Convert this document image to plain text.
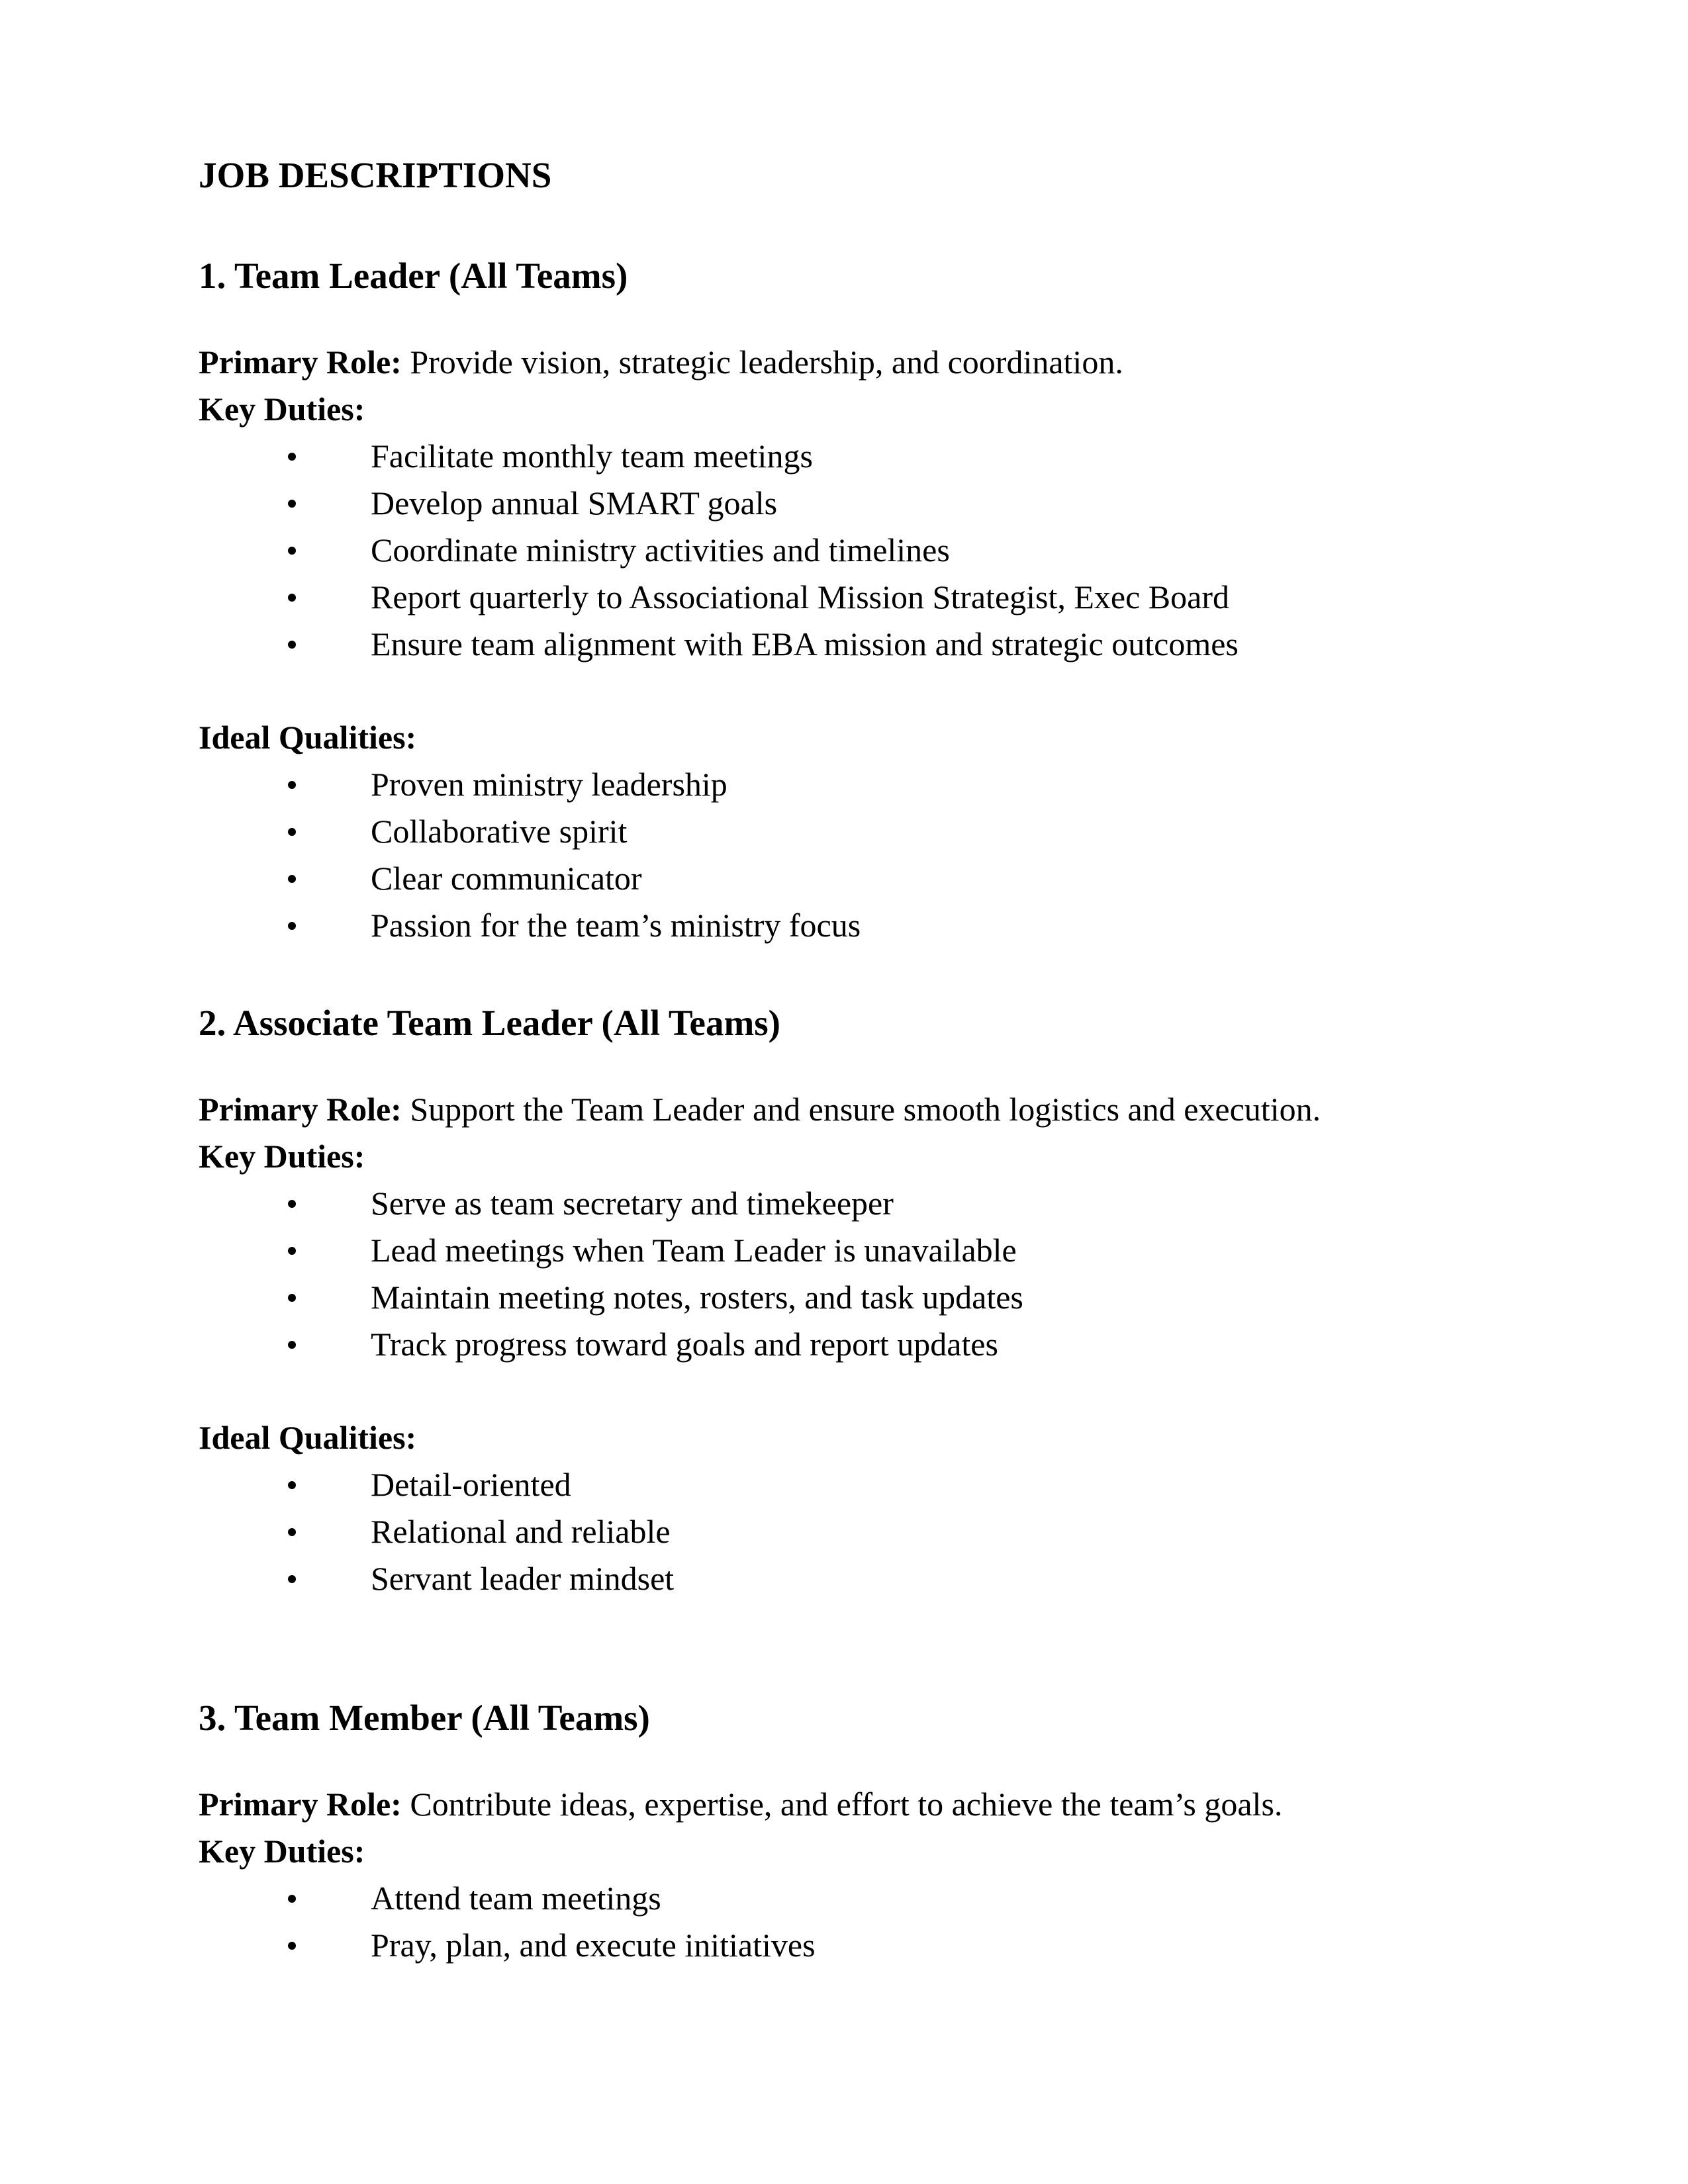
JOB DESCRIPTIONS

1. Team Leader (All Teams)

Primary Role: Provide vision, strategic leadership, and coordination.

Key Duties:

Facilitate monthly team meetings
Develop annual SMART goals
Coordinate ministry activities and timelines
Report quarterly to Associational Mission Strategist, Exec Board
Ensure team alignment with EBA mission and strategic outcomes

Ideal Qualities:

Proven ministry leadership
Collaborative spirit
Clear communicator
Passion for the team’s ministry focus
2. Associate Team Leader (All Teams)

Primary Role: Support the Team Leader and ensure smooth logistics and execution.

Key Duties:

Serve as team secretary and timekeeper
Lead meetings when Team Leader is unavailable
Maintain meeting notes, rosters, and task updates
Track progress toward goals and report updates

Ideal Qualities:

Detail-oriented
Relational and reliable
Servant leader mindset
3. Team Member (All Teams)

Primary Role: Contribute ideas, expertise, and effort to achieve the team’s goals.

Key Duties:

Attend team meetings
Pray, plan, and execute initiatives
